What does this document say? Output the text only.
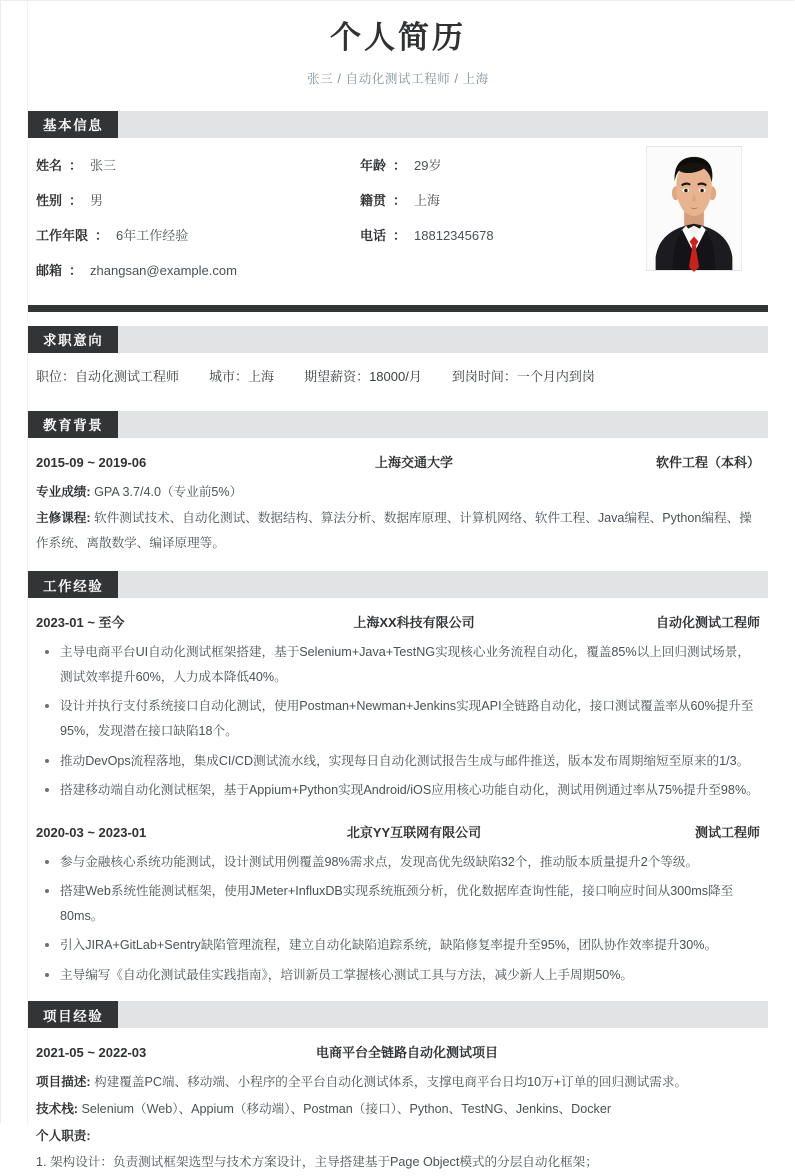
个人简历

张三 / 自动化测试工程师 / 上海

基本信息
姓名 ： 张三	年龄 ： 29岁
性别 ： 男	籍贯 ： 上海
工作年限 ： 6年工作经验	电话 ： 18812345678
邮箱 ： zhangsan@example.com
求职意向
职位：自动化测试工程师 城市：上海 期望薪资：18000/月 到岗时间：一个月内到岗
教育背景
2015-09 ~ 2019-06	上海交通大学	软件工程（本科）
专业成绩: GPA 3.7/4.0（专业前5%）
主修课程: 软件测试技术、自动化测试、数据结构、算法分析、数据库原理、计算机网络、软件工程、Java编程、Python编程、操作系统、离散数学、编译原理等。
工作经验
2023-01 ~ 至今	上海XX科技有限公司	自动化测试工程师
主导电商平台UI自动化测试框架搭建，基于Selenium+Java+TestNG实现核心业务流程自动化，覆盖85%以上回归测试场景，测试效率提升60%，人力成本降低40%。
设计并执行支付系统接口自动化测试，使用Postman+Newman+Jenkins实现API全链路自动化，接口测试覆盖率从60%提升至95%，发现潜在接口缺陷18个。
推动DevOps流程落地，集成CI/CD测试流水线，实现每日自动化测试报告生成与邮件推送，版本发布周期缩短至原来的1/3。
搭建移动端自动化测试框架，基于Appium+Python实现Android/iOS应用核心功能自动化，测试用例通过率从75%提升至98%。
2020-03 ~ 2023-01	北京YY互联网有限公司	测试工程师
参与金融核心系统功能测试，设计测试用例覆盖98%需求点，发现高优先级缺陷32个，推动版本质量提升2个等级。
搭建Web系统性能测试框架，使用JMeter+InfluxDB实现系统瓶颈分析，优化数据库查询性能，接口响应时间从300ms降至80ms。
引入JIRA+GitLab+Sentry缺陷管理流程，建立自动化缺陷追踪系统，缺陷修复率提升至95%，团队协作效率提升30%。
主导编写《自动化测试最佳实践指南》，培训新员工掌握核心测试工具与方法，减少新人上手周期50%。
项目经验
2021-05 ~ 2022-03	电商平台全链路自动化测试项目
项目描述: 构建覆盖PC端、移动端、小程序的全平台自动化测试体系，支撑电商平台日均10万+订单的回归测试需求。
技术栈: Selenium（Web）、Appium（移动端）、Postman（接口）、Python、TestNG、Jenkins、Docker
个人职责:
1. 架构设计：负责测试框架选型与技术方案设计，主导搭建基于Page Object模式的分层自动化框架；
